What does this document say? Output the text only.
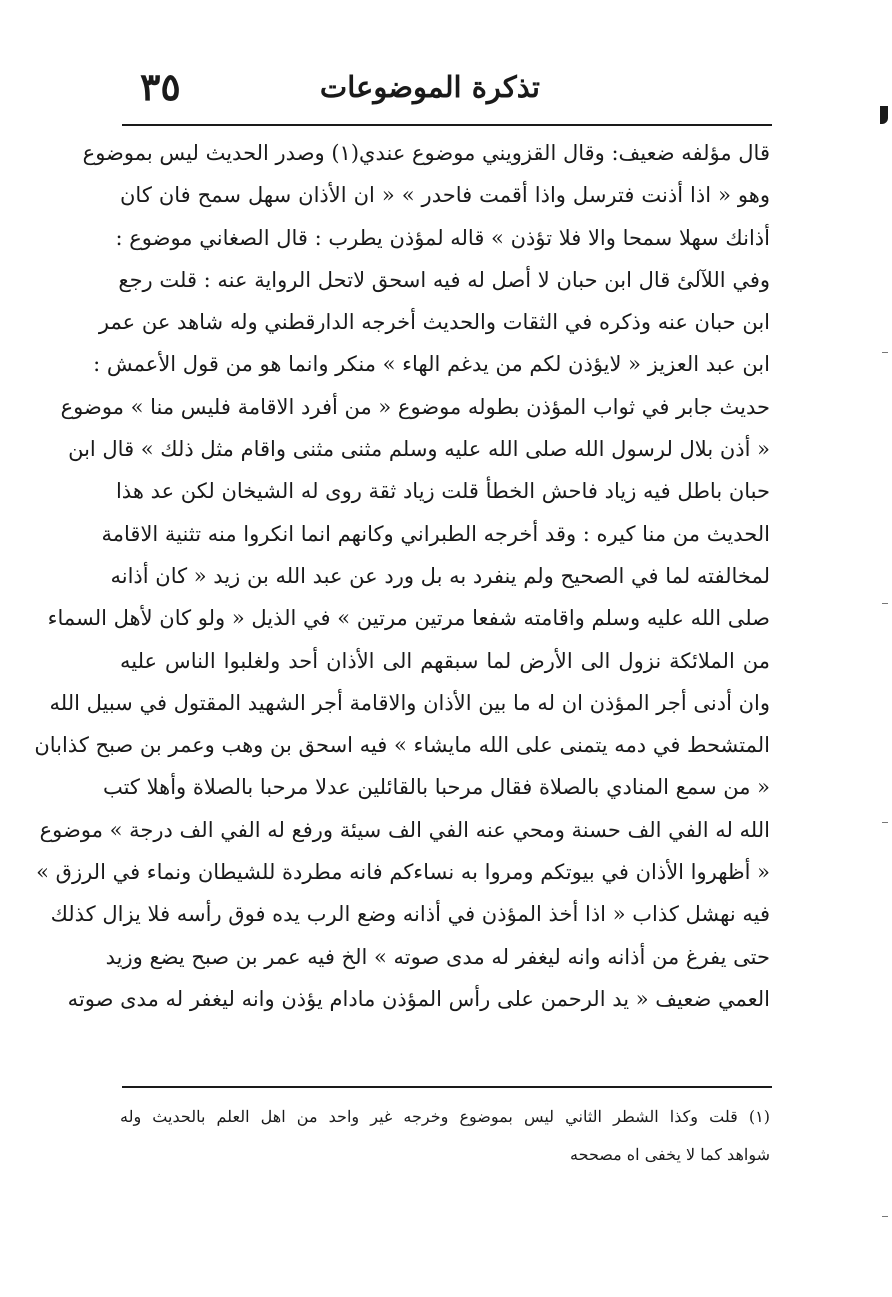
تذكرة الموضوعات
٣٥
قال مؤلفه ضعيف: وقال القزويني موضوع عندي(١) وصدر الحديث ليس بموضوع
وهو « اذا أذنت فترسل واذا أقمت فاحدر » « ان الأذان سهل سمح فان كان
أذانك سهلا سمحا والا فلا تؤذن » قاله لمؤذن يطرب : قال الصغاني موضوع :
وفي اللآلئ قال ابن حبان لا أصل له فيه اسحق لاتحل الرواية عنه : قلت رجع
ابن حبان عنه وذكره في الثقات والحديث أخرجه الدارقطني وله شاهد عن عمر
ابن عبد العزيز « لايؤذن لكم من يدغم الهاء » منكر وانما هو من قول الأعمش :
حديث جابر في ثواب المؤذن بطوله موضوع « من أفرد الاقامة فليس منا » موضوع
« أذن بلال لرسول الله صلى الله عليه وسلم مثنى مثنى واقام مثل ذلك » قال ابن
حبان باطل فيه زياد فاحش الخطأ قلت زياد ثقة روى له الشيخان لكن عد هذا
الحديث من منا كيره : وقد أخرجه الطبراني وكانهم انما انكروا منه تثنية الاقامة
لمخالفته لما في الصحيح ولم ينفرد به بل ورد عن عبد الله بن زيد « كان أذانه
صلى الله عليه وسلم واقامته شفعا مرتين مرتين » في الذيل « ولو كان لأهل السماء
من الملائكة نزول الى الأرض لما سبقهم الى الأذان أحد ولغلبوا الناس عليه
وان أدنى أجر المؤذن ان له ما بين الأذان والاقامة أجر الشهيد المقتول في سبيل الله
المتشحط في دمه يتمنى على الله مايشاء » فيه اسحق بن وهب وعمر بن صبح كذابان
« من سمع المنادي بالصلاة فقال مرحبا بالقائلين عدلا مرحبا بالصلاة وأهلا كتب
الله له الفي الف حسنة ومحي عنه الفي الف سيئة ورفع له الفي الف درجة » موضوع
« أظهروا الأذان في بيوتكم ومروا به نساءكم فانه مطردة للشيطان ونماء في الرزق »
فيه نهشل كذاب « اذا أخذ المؤذن في أذانه وضع الرب يده فوق رأسه فلا يزال كذلك
حتى يفرغ من أذانه وانه ليغفر له مدى صوته » الخ فيه عمر بن صبح يضع وزيد
العمي ضعيف « يد الرحمن على رأس المؤذن مادام يؤذن وانه ليغفر له مدى صوته
(١) قلت وكذا الشطر الثاني ليس بموضوع وخرجه غير واحد من اهل العلم بالحديث وله
شواهد كما لا يخفى اه مصححه
